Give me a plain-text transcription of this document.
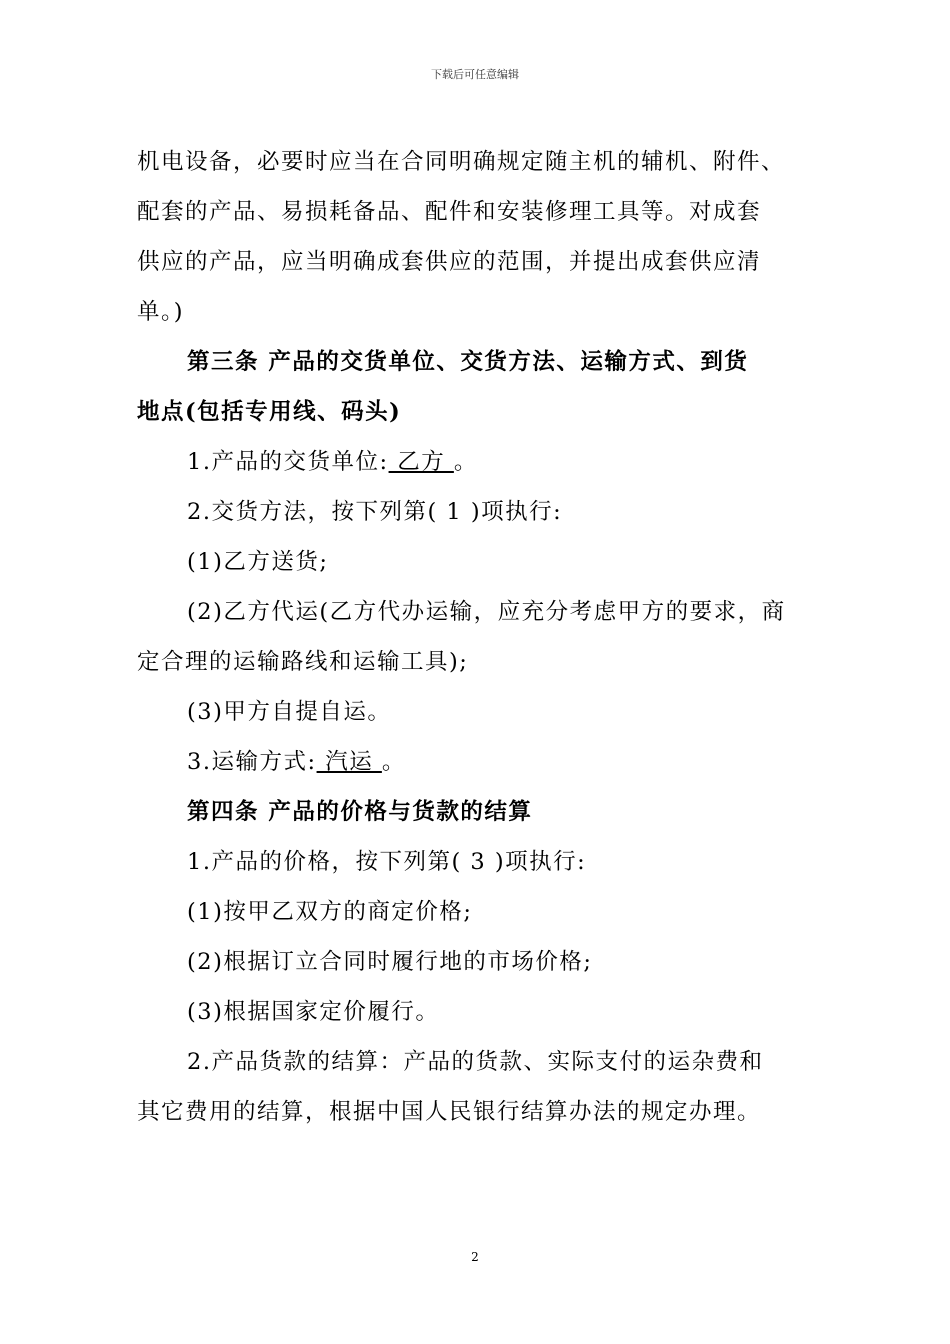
下载后可任意编辑

机电设备，必要时应当在合同明确规定随主机的辅机、附件、

配套的产品、易损耗备品、配件和安装修理工具等。对成套

供应的产品，应当明确成套供应的范围，并提出成套供应清

单。)

第三条 产品的交货单位、交货方法、运输方式、到货

地点(包括专用线、码头)

1.产品的交货单位: 乙方 。

2.交货方法，按下列第( 1 )项执行:

(1)乙方送货;

(2)乙方代运(乙方代办运输，应充分考虑甲方的要求，商

定合理的运输路线和运输工具);

(3)甲方自提自运。

3.运输方式: 汽运 。

第四条 产品的价格与货款的结算

1.产品的价格，按下列第( 3 )项执行:

(1)按甲乙双方的商定价格;

(2)根据订立合同时履行地的市场价格;

(3)根据国家定价履行。

2.产品货款的结算：产品的货款、实际支付的运杂费和

其它费用的结算，根据中国人民银行结算办法的规定办理。

2
